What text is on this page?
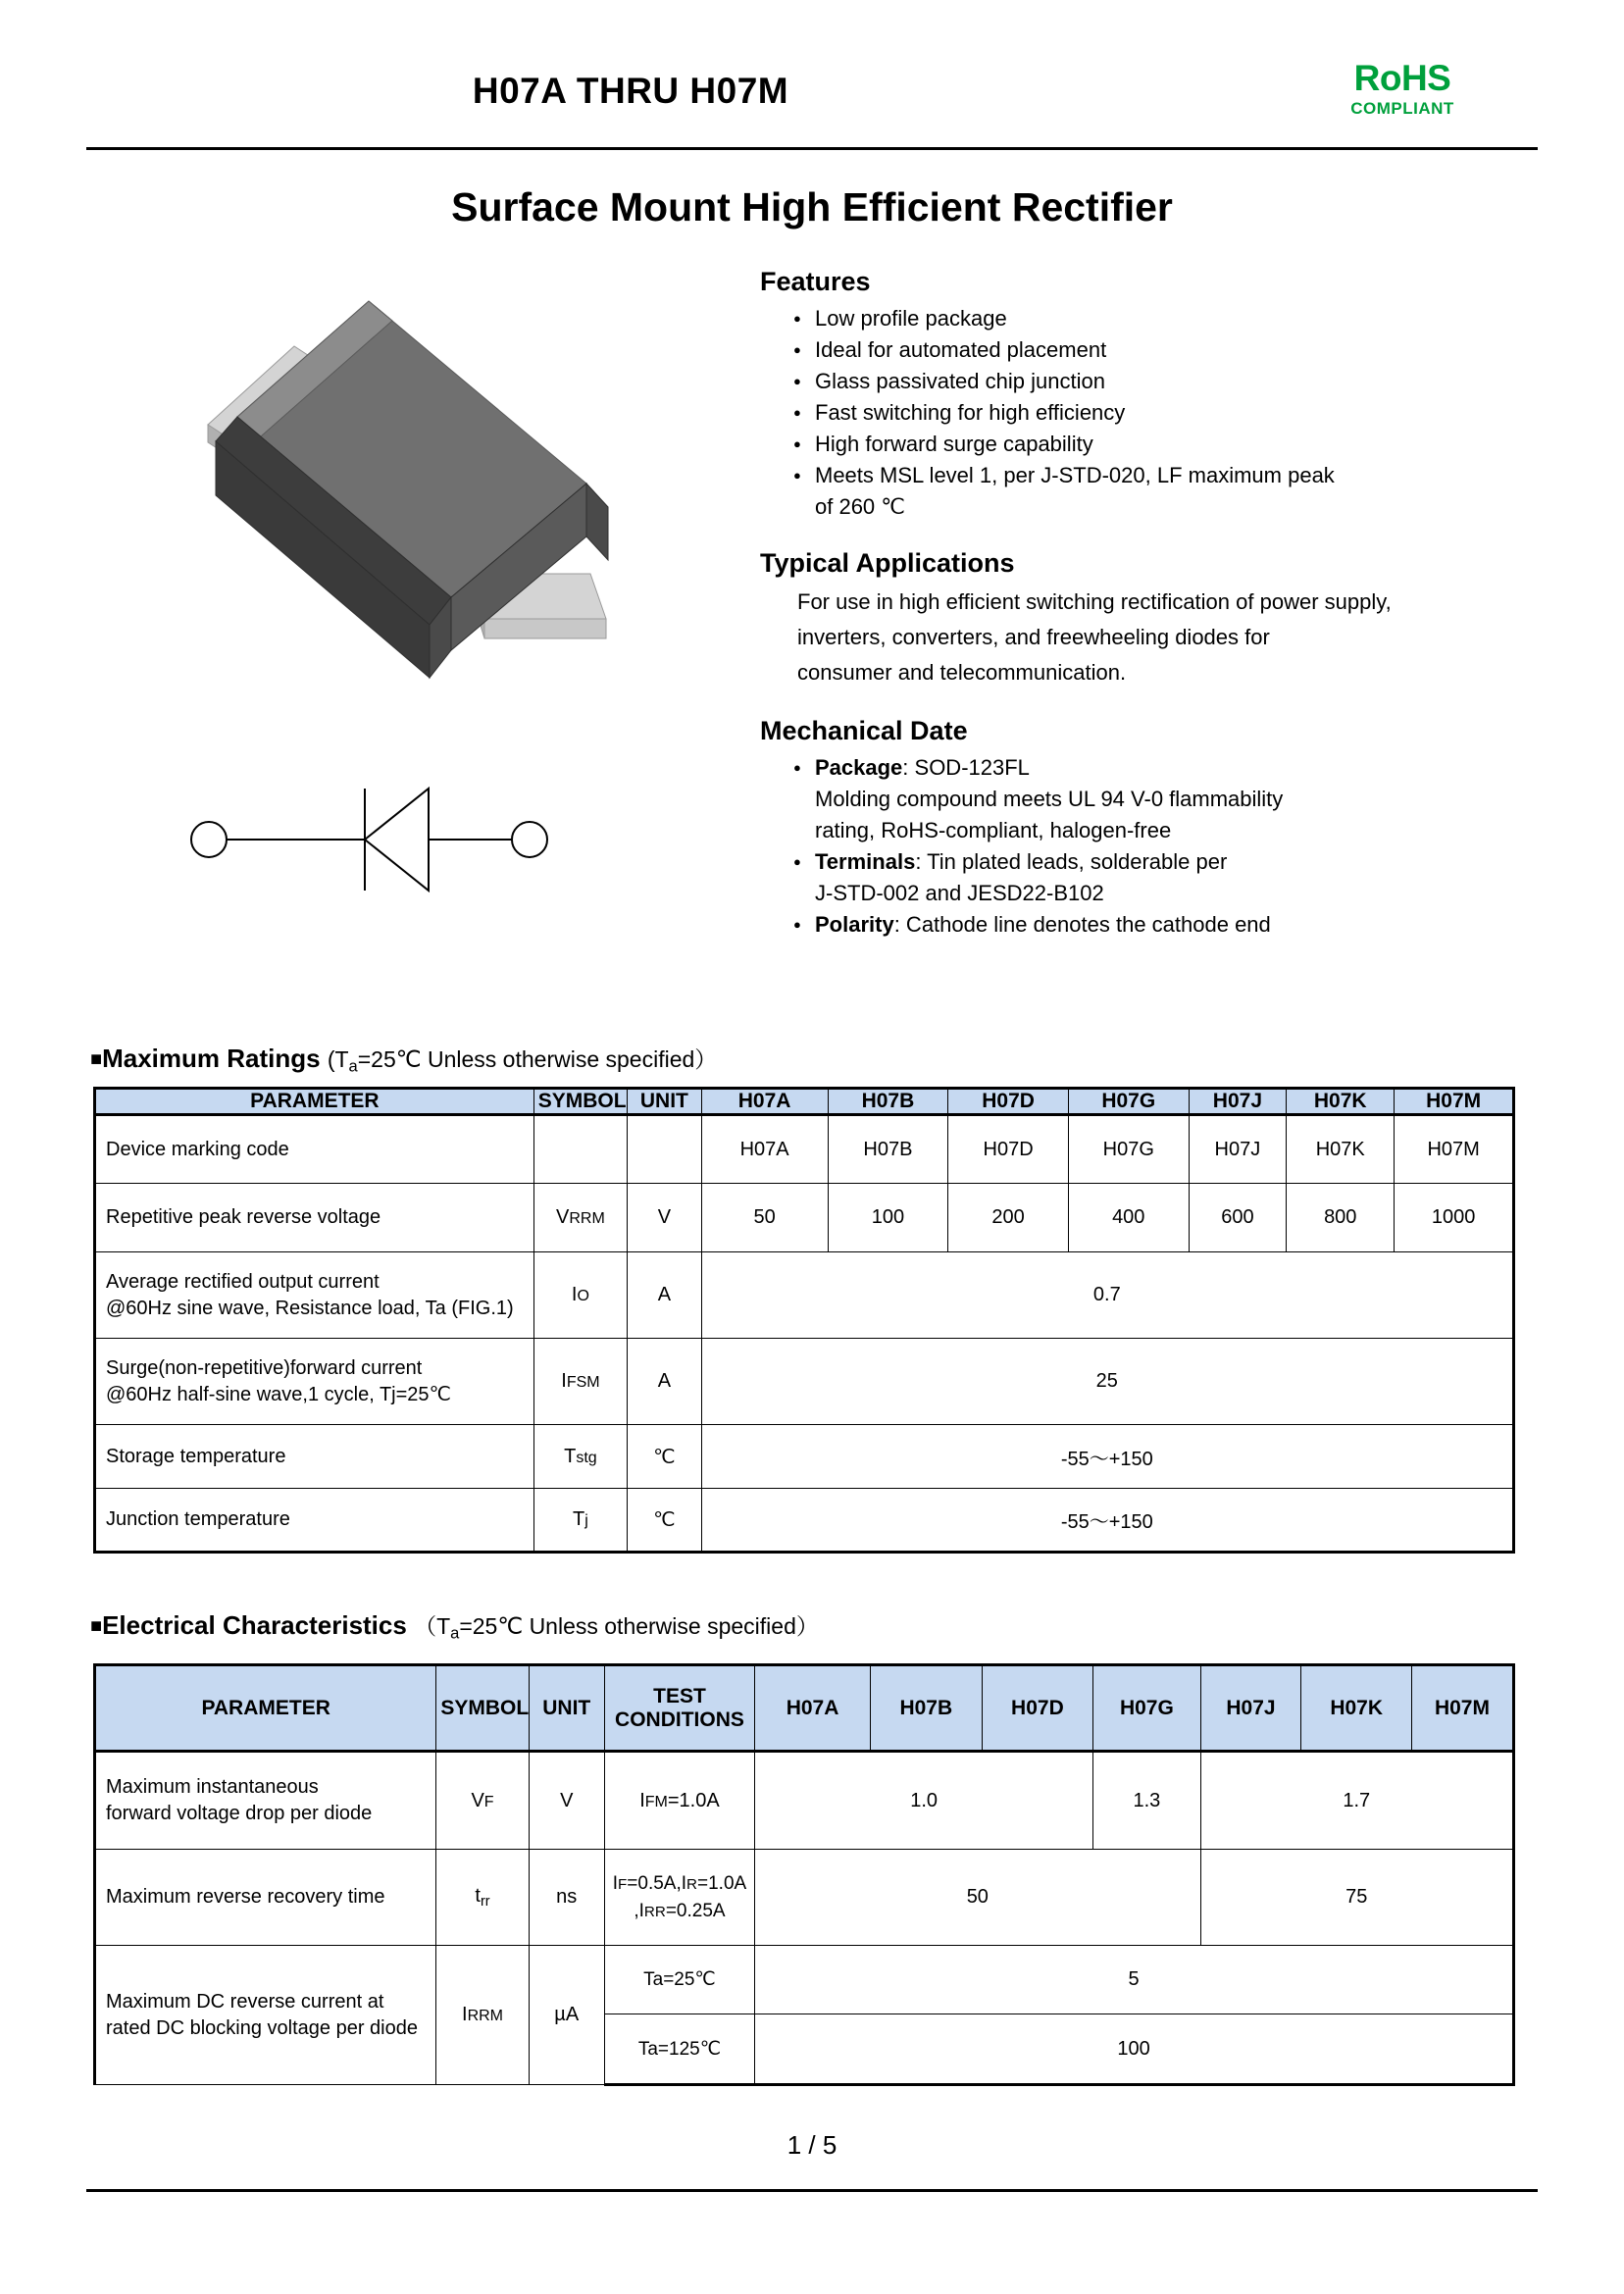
H07A THRU H07M	RoHS
COMPLIANT
Surface Mount High Efficient Rectifier
Features
● Low profile package
● Ideal for automated placement
● Glass passivated chip junction
● Fast switching for high efficiency
● High forward surge capability
● Meets MSL level 1, per J-STD-020, LF maximum peak
of 260 ℃
Typical Applications
For use in high efficient switching rectification of power supply,
inverters, converters, and freewheeling diodes for
consumer and telecommunication.
Mechanical Date
● Package: SOD-123FL
Molding compound meets UL 94 V-0 flammability
rating, RoHS-compliant, halogen-free
● Terminals: Tin plated leads, solderable per
J-STD-002 and JESD22-B102
● Polarity: Cathode line denotes the cathode end
■Maximum Ratings ($T_a=25℃$ Unless otherwise specified）
PARAMETER	SYMBOL	UNIT	H07A	H07B	H07D	H07G	H07J	H07K	H07M
Device marking code			H07A	H07B	H07D	H07G	H07J	H07K	H07M
Repetitive peak reverse voltage	VRRM	V	50	100	200	400	600	800	1000

Average rectified output current
@60Hz sine wave, Resistance load, Ta (FIG.1)	IO	A	0.7						

Surge(non-repetitive)forward current
@60Hz half-sine wave,1 cycle, Tj=25℃	IFSM	A	25						
Storage temperature	Tstg	℃	-55～+150						
Junction temperature	Tj	℃	-55～+150						
■Electrical Characteristics （$T_a=25℃$ Unless otherwise specified）
PARAMETER	SYMBOL	UNIT	TEST
CONDITIONS	H07A	H07B	H07D	H07G	H07J	H07K	H07M

Maximum instantaneous
forward voltage drop per diode	VF	V	IFM=1.0A	1.0			1.3	1.7		
Maximum reverse recovery time	$t_{rr}$	ns	IF=0.5A,IR=1.0A
,IRR=0.25A	50				75		

Maximum DC reverse current at
rated DC blocking voltage per diode	IRRM	µA	Ta=25℃	5						
			Ta=125℃	100						
1 / 5
